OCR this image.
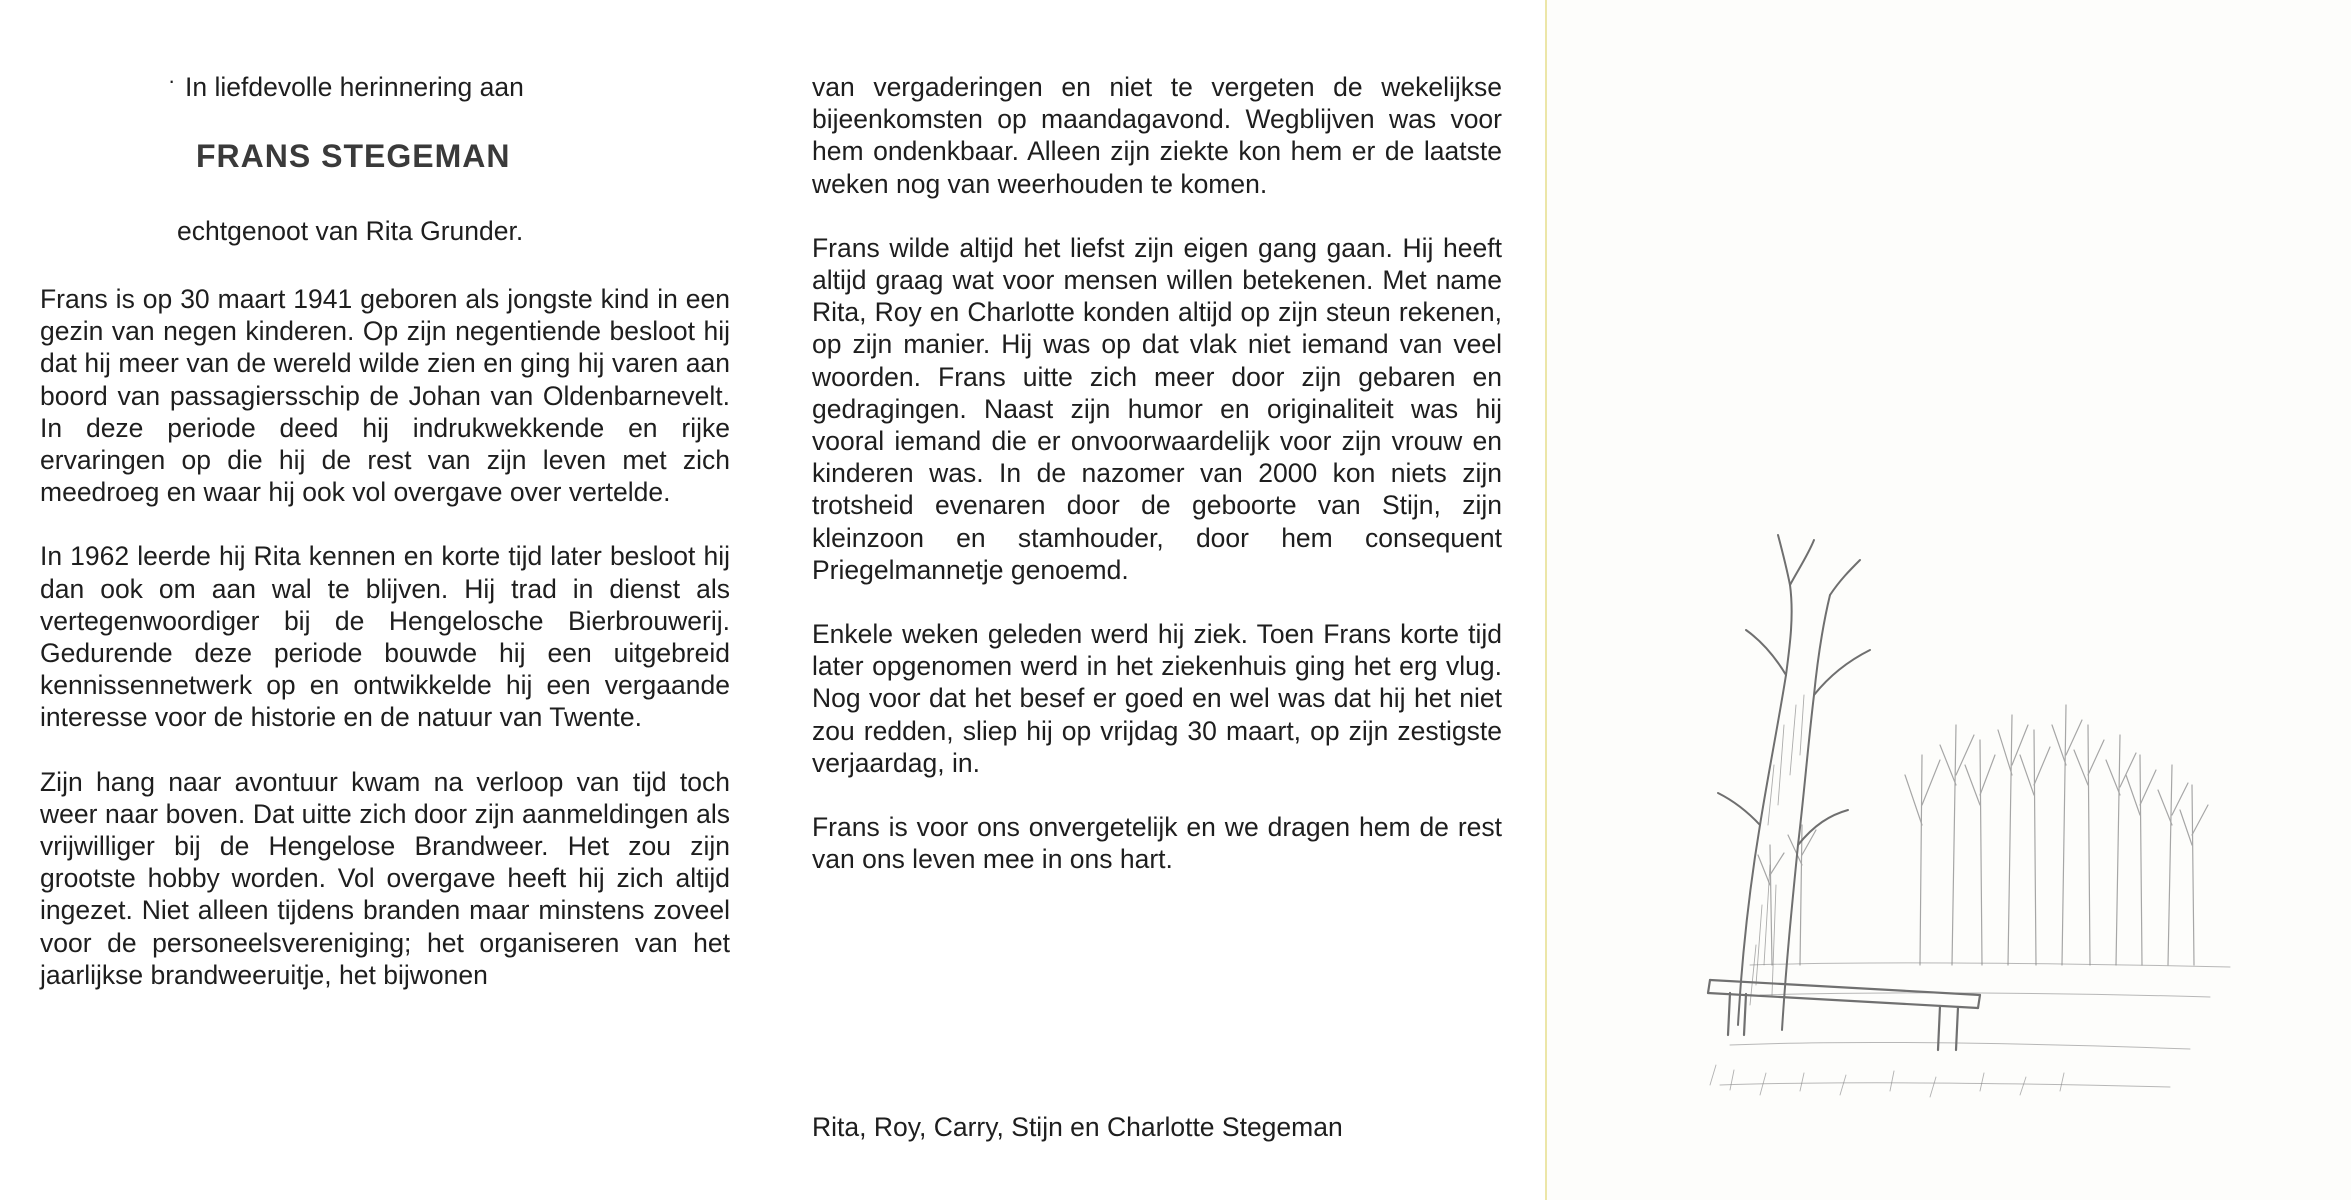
· In liefdevolle herinnering aan
FRANS STEGEMAN
echtgenoot van Rita Grunder.

Frans is op 30 maart 1941 geboren als jongste kind in een gezin van negen kinderen. Op zijn negentiende besloot hij dat hij meer van de wereld wilde zien en ging hij varen aan boord van passagiersschip de Johan van Oldenbarnevelt. In deze periode deed hij indrukwekkende en rijke ervaringen op die hij de rest van zijn leven met zich meedroeg en waar hij ook vol overgave over vertelde.

In 1962 leerde hij Rita kennen en korte tijd later besloot hij dan ook om aan wal te blijven. Hij trad in dienst als vertegenwoordiger bij de Hengelosche Bierbrouwerij. Gedurende deze periode bouwde hij een uitgebreid kennissennetwerk op en ontwikkelde hij een vergaande interesse voor de historie en de natuur van Twente.

Zijn hang naar avontuur kwam na verloop van tijd toch weer naar boven. Dat uitte zich door zijn aanmeldingen als vrijwilliger bij de Hengelose Brandweer. Het zou zijn grootste hobby worden. Vol overgave heeft hij zich altijd ingezet. Niet alleen tijdens branden maar minstens zoveel voor de personeelsvereniging; het organiseren van het jaarlijkse brandweeruitje, het bijwonen

van vergaderingen en niet te vergeten de wekelijkse bijeenkomsten op maandagavond. Wegblijven was voor hem ondenkbaar. Alleen zijn ziekte kon hem er de laatste weken nog van weerhouden te komen.

Frans wilde altijd het liefst zijn eigen gang gaan. Hij heeft altijd graag wat voor mensen willen betekenen. Met name Rita, Roy en Charlotte konden altijd op zijn steun rekenen, op zijn manier. Hij was op dat vlak niet iemand van veel woorden. Frans uitte zich meer door zijn gebaren en gedragingen. Naast zijn humor en originaliteit was hij vooral iemand die er onvoorwaardelijk voor zijn vrouw en kinderen was. In de nazomer van 2000 kon niets zijn trotsheid evenaren door de geboorte van Stijn, zijn kleinzoon en stamhouder, door hem consequent Priegelmannetje genoemd.

Enkele weken geleden werd hij ziek. Toen Frans korte tijd later opgenomen werd in het ziekenhuis ging het erg vlug. Nog voor dat het besef er goed en wel was dat hij het niet zou redden, sliep hij op vrijdag 30 maart, op zijn zestigste verjaardag, in.

Frans is voor ons onvergetelijk en we dragen hem de rest van ons leven mee in ons hart.

Rita, Roy, Carry, Stijn en Charlotte Stegeman
